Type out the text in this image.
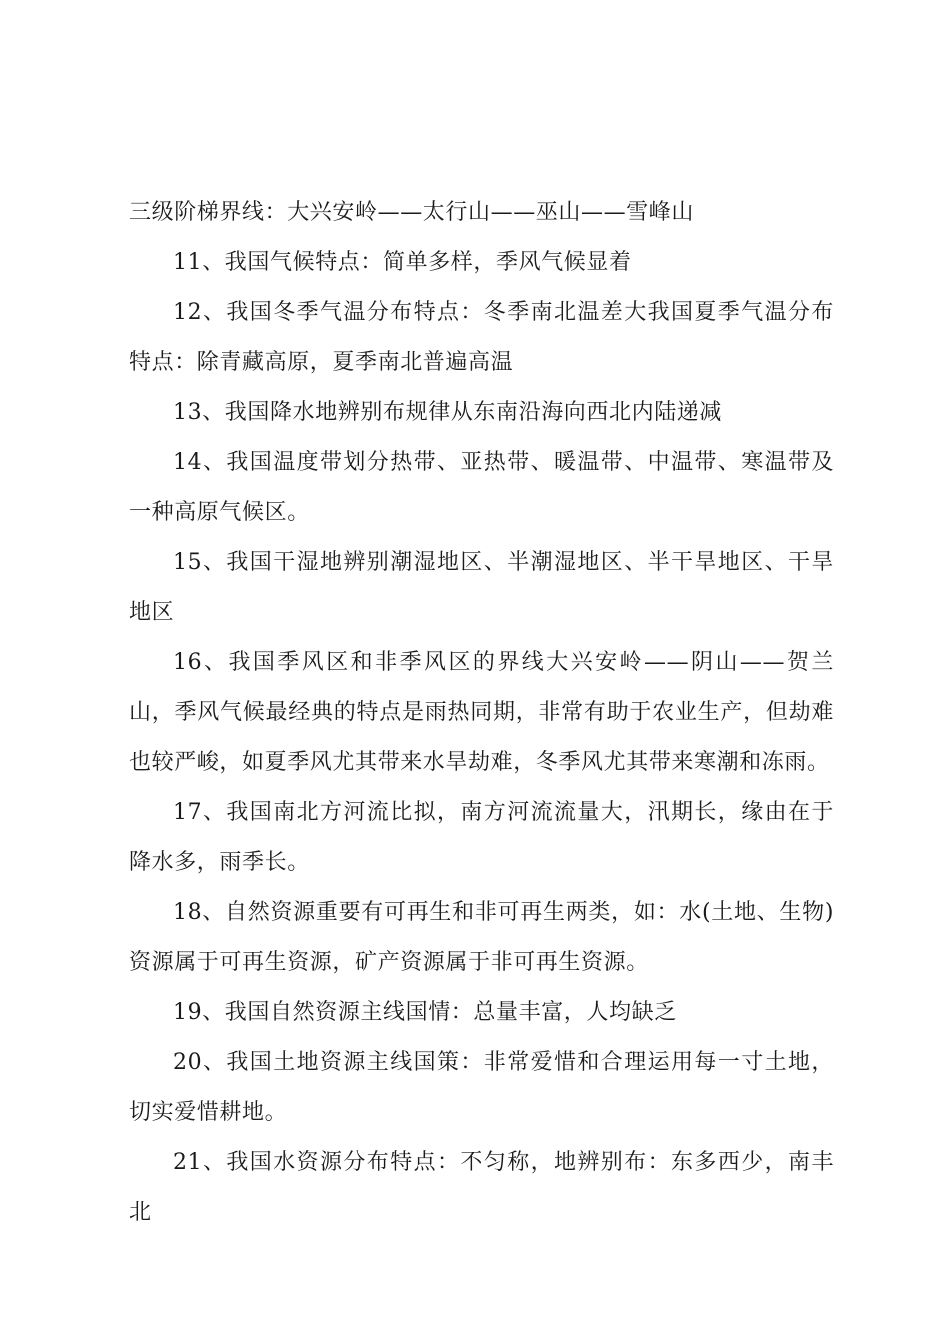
三级阶梯界线：大兴安岭——太行山——巫山——雪峰山

11、我国气候特点：简单多样，季风气候显着

12、我国冬季气温分布特点：冬季南北温差大我国夏季气温分布特点：除青藏高原，夏季南北普遍高温

13、我国降水地辨别布规律从东南沿海向西北内陆递减

14、我国温度带划分热带、亚热带、暖温带、中温带、寒温带及一种高原气候区。

15、我国干湿地辨别潮湿地区、半潮湿地区、半干旱地区、干旱地区

16、我国季风区和非季风区的界线大兴安岭——阴山——贺兰山，季风气候最经典的特点是雨热同期，非常有助于农业生产，但劫难也较严峻，如夏季风尤其带来水旱劫难，冬季风尤其带来寒潮和冻雨。

17、我国南北方河流比拟，南方河流流量大，汛期长，缘由在于降水多，雨季长。

18、自然资源重要有可再生和非可再生两类，如：水(土地、生物)资源属于可再生资源，矿产资源属于非可再生资源。

19、我国自然资源主线国情：总量丰富，人均缺乏

20、我国土地资源主线国策：非常爱惜和合理运用每一寸土地，切实爱惜耕地。

21、我国水资源分布特点：不匀称，地辨别布：东多西少，南丰北
